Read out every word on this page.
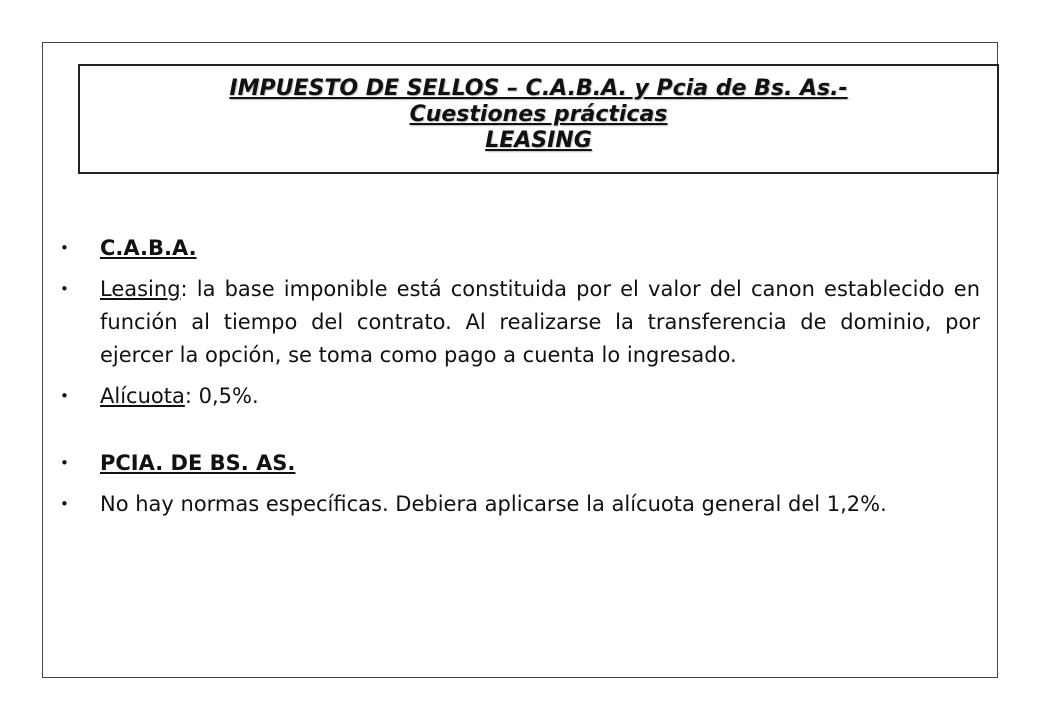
IMPUESTO DE SELLOS – C.A.B.A. y Pcia de Bs. As.-
Cuestiones prácticas
LEASING
• C.A.B.A.
• Leasing: la base imponible está constituida por el valor del canon establecido en función al tiempo del contrato. Al realizarse la transferencia de dominio, por ejercer la opción, se toma como pago a cuenta lo ingresado.
• Alícuota: 0,5%.
• PCIA. DE BS. AS.
• No hay normas específicas. Debiera aplicarse la alícuota general del 1,2%.
